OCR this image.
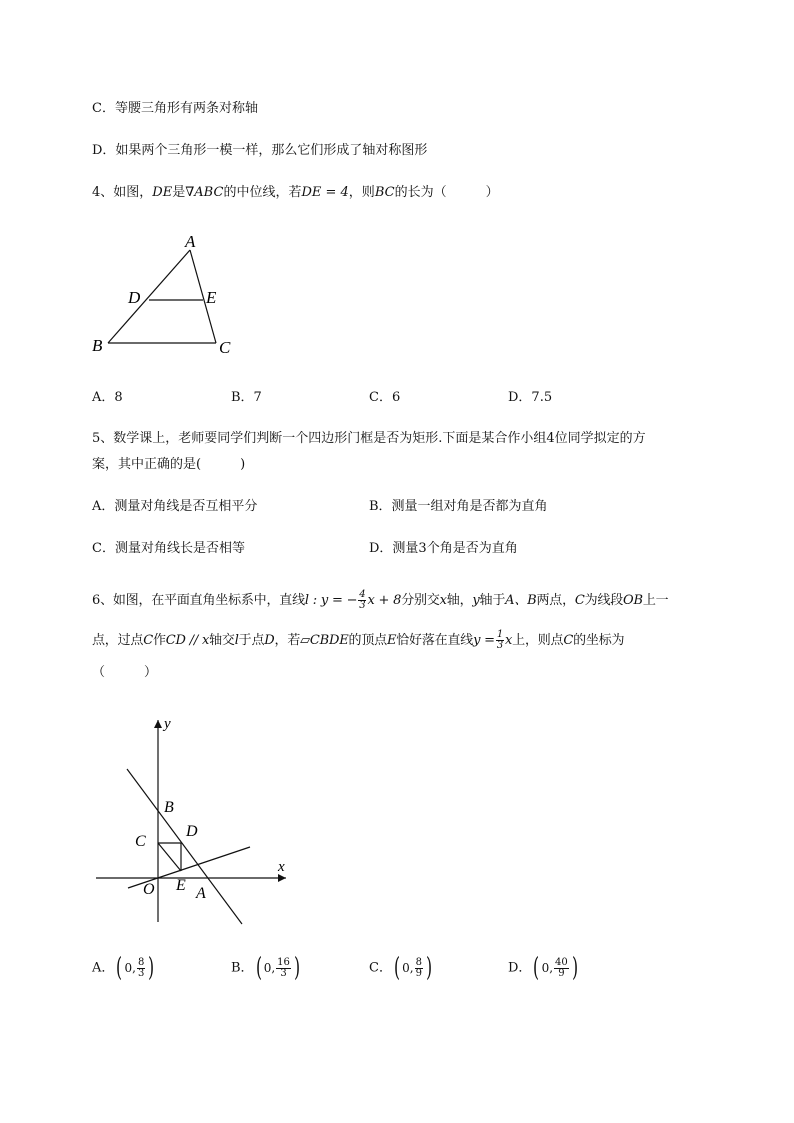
C．等腰三角形有两条对称轴
D．如果两个三角形一模一样，那么它们形成了轴对称图形
4、如图，DE是∇ABC的中位线，若DE = 4，则BC的长为（　　　）
A
D	E
B	C
A．8	B．7	C．6	D．7.5
5、数学课上，老师要同学们判断一个四边形门框是否为矩形.下面是某合作小组4位同学拟定的方
案，其中正确的是(　　　)
A．测量对角线是否互相平分	B．测量一组对角是否都为直角
C．测量对角线长是否相等	D．测量3个角是否为直角
6、如图，在平面直角坐标系中，直线l : y = − $\frac{4}{3}$ x + 8分别交x轴，y轴于A、B两点，C为线段OB上一
点，过点C作CD // x轴交l于点D，若▱CBDE的顶点E恰好落在直线$y = \frac{1}{3}$ x上，则点C的坐标为
（　　　）
y
x
O
B
C
D
E A
A．( 0, $\frac{8}{3}$ )	B．( 0, $\frac{16}{3}$ )	C．( 0, $\frac{8}{9}$ )	D．( 0, $\frac{40}{9}$ )
